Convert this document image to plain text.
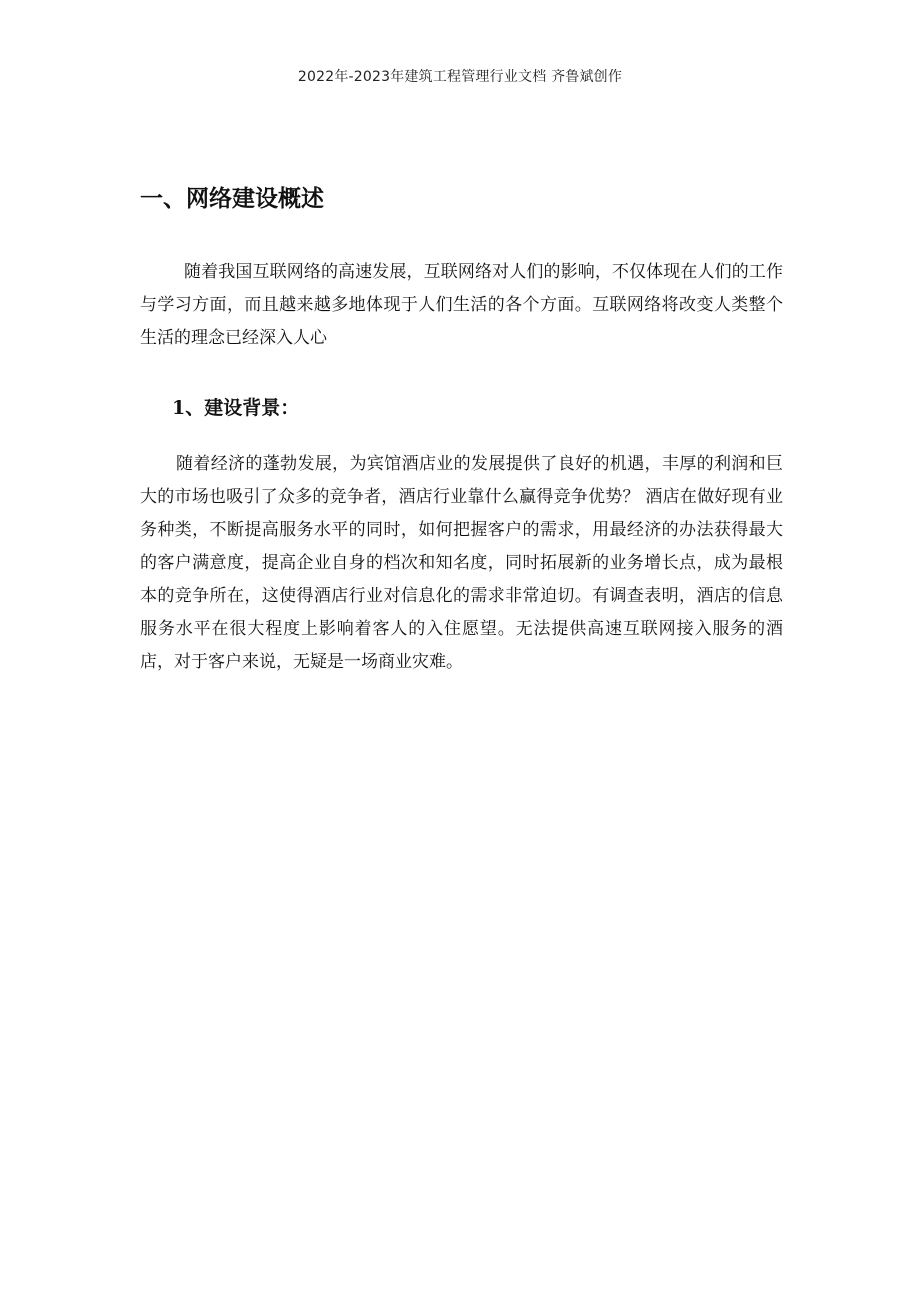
2022年-2023年建筑工程管理行业文档 齐鲁斌创作
一、网络建设概述

随着我国互联网络的高速发展，互联网络对人们的影响，不仅体现在人们的工作与学习方面，而且越来越多地体现于人们生活的各个方面。互联网络将改变人类整个生活的理念已经深入人心

1、建设背景：

随着经济的蓬勃发展，为宾馆酒店业的发展提供了良好的机遇，丰厚的利润和巨大的市场也吸引了众多的竞争者，酒店行业靠什么赢得竞争优势？ 酒店在做好现有业务种类，不断提高服务水平的同时，如何把握客户的需求，用最经济的办法获得最大的客户满意度，提高企业自身的档次和知名度，同时拓展新的业务增长点，成为最根本的竞争所在，这使得酒店行业对信息化的需求非常迫切。有调查表明，酒店的信息服务水平在很大程度上影响着客人的入住愿望。无法提供高速互联网接入服务的酒店，对于客户来说，无疑是一场商业灾难。
